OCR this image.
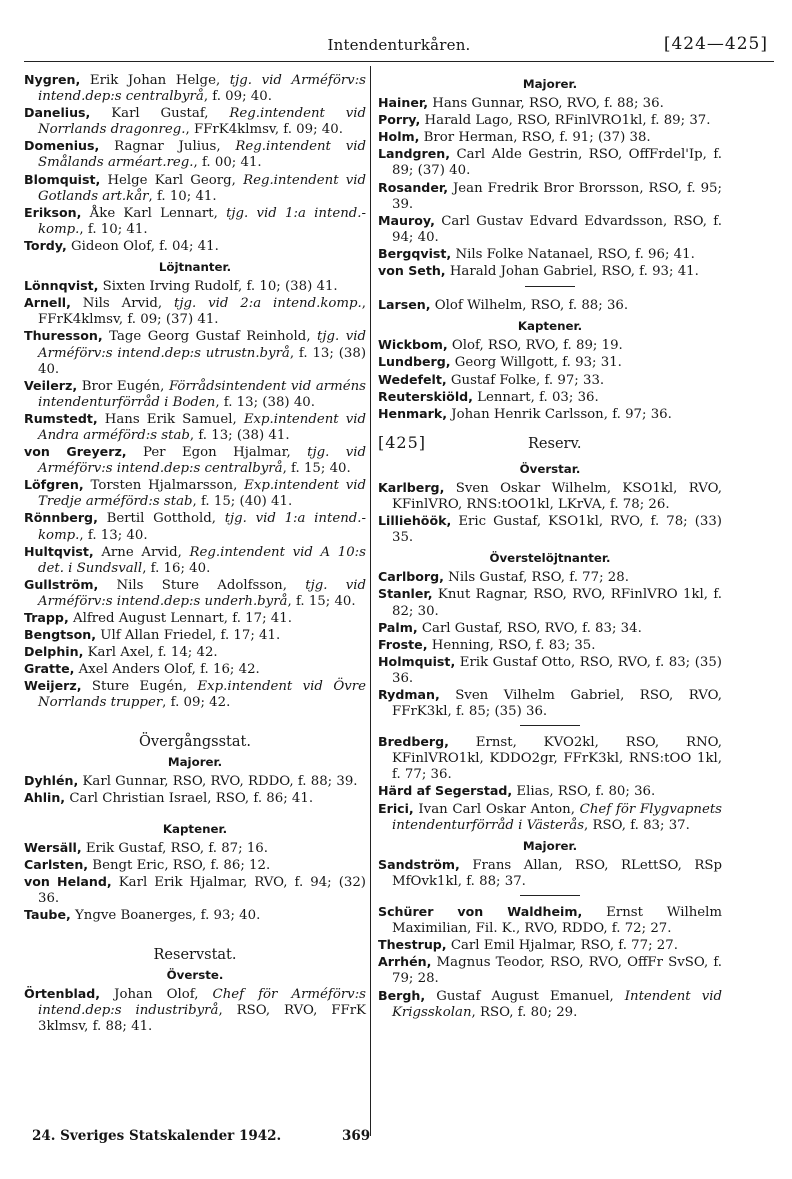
Intendenturkåren.	[424—425]

Nygren, Erik Johan Helge, tjg. vid Arméförv:s intend.dep:s centralbyrå, f. 09; 40.

Danelius, Karl Gustaf, Reg.intendent vid Norrlands dragonreg., FFrK4klmsv, f. 09; 40.

Domenius, Ragnar Julius, Reg.intendent vid Smålands arméart.reg., f. 00; 41.

Blomquist, Helge Karl Georg, Reg.intendent vid Gotlands art.kår, f. 10; 41.

Erikson, Åke Karl Lennart, tjg. vid 1:a intend.-komp., f. 10; 41.

Tordy, Gideon Olof, f. 04; 41.

Löjtnanter.

Lönnqvist, Sixten Irving Rudolf, f. 10; (38) 41.

Arnell, Nils Arvid, tjg. vid 2:a intend.komp., FFrK4klmsv, f. 09; (37) 41.

Thuresson, Tage Georg Gustaf Reinhold, tjg. vid Arméförv:s intend.dep:s utrustn.byrå, f. 13; (38) 40.

Veilerz, Bror Eugén, Förrådsintendent vid arméns intendenturförråd i Boden, f. 13; (38) 40.

Rumstedt, Hans Erik Samuel, Exp.intendent vid Andra arméförd:s stab, f. 13; (38) 41.

von Greyerz, Per Egon Hjalmar, tjg. vid Arméförv:s intend.dep:s centralbyrå, f. 15; 40.

Löfgren, Torsten Hjalmarsson, Exp.intendent vid Tredje arméförd:s stab, f. 15; (40) 41.

Rönnberg, Bertil Gotthold, tjg. vid 1:a intend.-komp., f. 13; 40.

Hultqvist, Arne Arvid, Reg.intendent vid A 10:s det. i Sundsvall, f. 16; 40.

Gullström, Nils Sture Adolfsson, tjg. vid Arméförv:s intend.dep:s underh.byrå, f. 15; 40.

Trapp, Alfred August Lennart, f. 17; 41.

Bengtson, Ulf Allan Friedel, f. 17; 41.

Delphin, Karl Axel, f. 14; 42.

Gratte, Axel Anders Olof, f. 16; 42.

Weijerz, Sture Eugén, Exp.intendent vid Övre Norrlands trupper, f. 09; 42.

Övergångsstat.
Majorer.

Dyhlén, Karl Gunnar, RSO, RVO, RDDO, f. 88; 39.

Ahlin, Carl Christian Israel, RSO, f. 86; 41.

Kaptener.

Wersäll, Erik Gustaf, RSO, f. 87; 16.

Carlsten, Bengt Eric, RSO, f. 86; 12.

von Heland, Karl Erik Hjalmar, RVO, f. 94; (32) 36.

Taube, Yngve Boanerges, f. 93; 40.

Reservstat.
Överste.

Örtenblad, Johan Olof, Chef för Arméförv:s intend.dep:s industribyrå, RSO, RVO, FFrK 3klmsv, f. 88; 41.

Majorer.

Hainer, Hans Gunnar, RSO, RVO, f. 88; 36.

Porry, Harald Lago, RSO, RFinlVRO1kl, f. 89; 37.

Holm, Bror Herman, RSO, f. 91; (37) 38.

Landgren, Carl Alde Gestrin, RSO, OffFrdel'Ip, f. 89; (37) 40.

Rosander, Jean Fredrik Bror Brorsson, RSO, f. 95; 39.

Mauroy, Carl Gustav Edvard Edvardsson, RSO, f. 94; 40.

Bergqvist, Nils Folke Natanael, RSO, f. 96; 41.

von Seth, Harald Johan Gabriel, RSO, f. 93; 41.

Larsen, Olof Wilhelm, RSO, f. 88; 36.

Kaptener.

Wickbom, Olof, RSO, RVO, f. 89; 19.

Lundberg, Georg Willgott, f. 93; 31.

Wedefelt, Gustaf Folke, f. 97; 33.

Reuterskiöld, Lennart, f. 03; 36.

Henmark, Johan Henrik Carlsson, f. 97; 36.

[425]	Reserv.
Överstar.

Karlberg, Sven Oskar Wilhelm, KSO1kl, RVO, KFinlVRO, RNS:tOO1kl, LKrVA, f. 78; 26.

Lilliehöök, Eric Gustaf, KSO1kl, RVO, f. 78; (33) 35.

Överstelöjtnanter.

Carlborg, Nils Gustaf, RSO, f. 77; 28.

Stanler, Knut Ragnar, RSO, RVO, RFinlVRO 1kl, f. 82; 30.

Palm, Carl Gustaf, RSO, RVO, f. 83; 34.

Froste, Henning, RSO, f. 83; 35.

Holmquist, Erik Gustaf Otto, RSO, RVO, f. 83; (35) 36.

Rydman, Sven Vilhelm Gabriel, RSO, RVO, FFrK3kl, f. 85; (35) 36.

Bredberg, Ernst, KVO2kl, RSO, RNO, KFinlVRO1kl, KDDO2gr, FFrK3kl, RNS:tOO 1kl, f. 77; 36.

Härd af Segerstad, Elias, RSO, f. 80; 36.

Erici, Ivan Carl Oskar Anton, Chef för Flygvapnets intendenturförråd i Västerås, RSO, f. 83; 37.

Majorer.

Sandström, Frans Allan, RSO, RLettSO, RSp MfOvk1kl, f. 88; 37.

Schürer von Waldheim, Ernst Wilhelm Maximilian, Fil. K., RVO, RDDO, f. 72; 27.

Thestrup, Carl Emil Hjalmar, RSO, f. 77; 27.

Arrhén, Magnus Teodor, RSO, RVO, OffFr SvSO, f. 79; 28.

Bergh, Gustaf August Emanuel, Intendent vid Krigsskolan, RSO, f. 80; 29.

24. Sveriges Statskalender 1942.	369
